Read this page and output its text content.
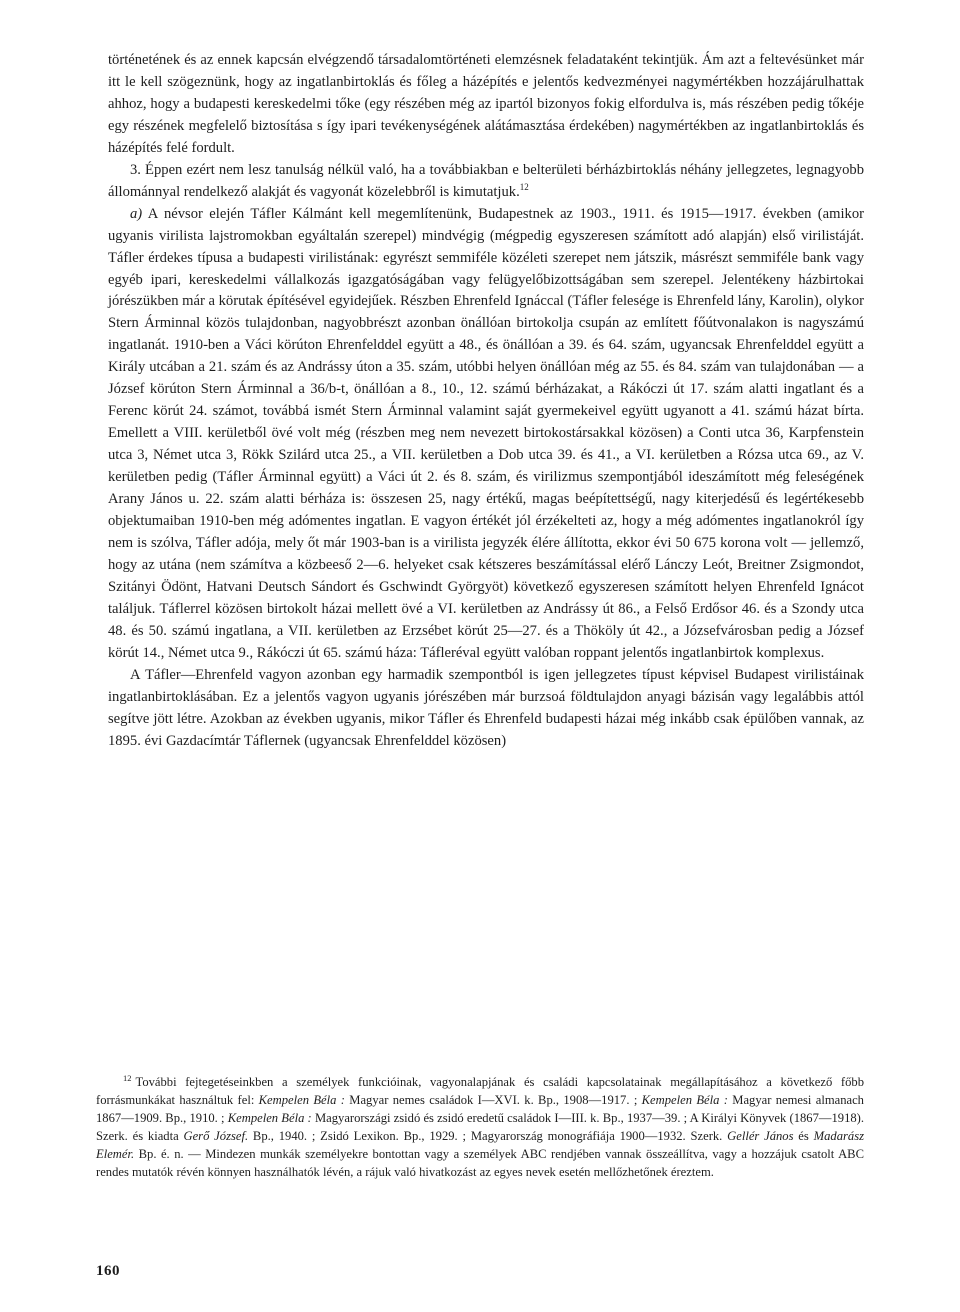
történetének és az ennek kapcsán elvégzendő társadalomtörténeti elemzésnek feladataként tekintjük. Ám azt a feltevésünket már itt le kell szögeznünk, hogy az ingatlanbirtoklás és főleg a házépítés e jelentős kedvezményei nagymértékben hozzájárulhattak ahhoz, hogy a budapesti kereskedelmi tőke (egy részében még az ipartól bizonyos fokig elfordulva is, más részében pedig tőkéje egy részének megfelelő biztosítása s így ipari tevékenységének alátámasztása érdekében) nagymértékben az ingatlanbirtoklás és házépítés felé fordult.

3. Éppen ezért nem lesz tanulság nélkül való, ha a továbbiakban e belterületi bérházbirtoklás néhány jellegzetes, legnagyobb állománnyal rendelkező alakját és vagyonát közelebbről is kimutatjuk.$^{12}$

a) A névsor elején Táfler Kálmánt kell megemlítenünk, Budapestnek az 1903., 1911. és 1915—1917. években (amikor ugyanis virilista lajstromokban egyáltalán szerepel) mindvégig (mégpedig egyszeresen számított adó alapján) első virilistáját. Táfler érdekes típusa a budapesti virilistának: egyrészt semmiféle közéleti szerepet nem játszik, másrészt semmiféle bank vagy egyéb ipari, kereskedelmi vállalkozás igazgatóságában vagy felügyelőbizottságában sem szerepel. Jelentékeny házbirtokai jórészükben már a körutak építésével egyidejűek. Részben Ehrenfeld Ignáccal (Táfler felesége is Ehrenfeld lány, Karolin), olykor Stern Árminnal közös tulajdonban, nagyobbrészt azonban önállóan birtokolja csupán az említett főútvonalakon is nagyszámú ingatlanát. 1910-ben a Váci körúton Ehrenfelddel együtt a 48., és önállóan a 39. és 64. szám, ugyancsak Ehrenfelddel együtt a Király utcában a 21. szám és az Andrássy úton a 35. szám, utóbbi helyen önállóan még az 55. és 84. szám van tulajdonában — a József körúton Stern Árminnal a 36/b-t, önállóan a 8., 10., 12. számú bérházakat, a Rákóczi út 17. szám alatti ingatlant és a Ferenc körút 24. számot, továbbá ismét Stern Árminnal valamint saját gyermekeivel együtt ugyanott a 41. számú házat bírta. Emellett a VIII. kerületből övé volt még (részben meg nem nevezett birtokostársakkal közösen) a Conti utca 36, Karpfenstein utca 3, Német utca 3, Rökk Szilárd utca 25., a VII. kerületben a Dob utca 39. és 41., a VI. kerületben a Rózsa utca 69., az V. kerületben pedig (Táfler Árminnal együtt) a Váci út 2. és 8. szám, és virilizmus szempontjából ideszámított még feleségének Arany János u. 22. szám alatti bérháza is: összesen 25, nagy értékű, magas beépítettségű, nagy kiterjedésű és legértékesebb objektumaiban 1910-ben még adómentes ingatlan. E vagyon értékét jól érzékelteti az, hogy a még adómentes ingatlanokról így nem is szólva, Táfler adója, mely őt már 1903-ban is a virilista jegyzék élére állította, ekkor évi 50 675 korona volt — jellemző, hogy az utána (nem számítva a közbeeső 2—6. helyeket csak kétszeres beszámítással elérő Lánczy Leót, Breitner Zsigmondot, Szitányi Ödönt, Hatvani Deutsch Sándort és Gschwindt Györgyöt) következő egyszeresen számított helyen Ehrenfeld Ignácot találjuk. Táflerrel közösen birtokolt házai mellett övé a VI. kerületben az Andrássy út 86., a Felső Erdősor 46. és a Szondy utca 48. és 50. számú ingatlana, a VII. kerületben az Erzsébet körút 25—27. és a Thököly út 42., a Józsefvárosban pedig a József körút 14., Német utca 9., Rákóczi út 65. számú háza: Táfleréval együtt valóban roppant jelentős ingatlanbirtok komplexus.

A Táfler—Ehrenfeld vagyon azonban egy harmadik szempontból is igen jellegzetes típust képvisel Budapest virilistáinak ingatlanbirtoklásában. Ez a jelentős vagyon ugyanis jórészében már burzsoá földtulajdon anyagi bázisán vagy legalábbis attól segítve jött létre. Azokban az években ugyanis, mikor Táfler és Ehrenfeld budapesti házai még inkább csak épülőben vannak, az 1895. évi Gazdacímtár Táflernek (ugyancsak Ehrenfelddel közösen)

$^{12}$ További fejtegetéseinkben a személyek funkcióinak, vagyonalapjának és családi kapcsolatainak megállapításához a következő főbb forrásmunkákat használtuk fel: Kempelen Béla : Magyar nemes családok I—XVI. k. Bp., 1908—1917. ; Kempelen Béla : Magyar nemesi almanach 1867—1909. Bp., 1910. ; Kempelen Béla : Magyarországi zsidó és zsidó eredetű családok I—III. k. Bp., 1937—39. ; A Királyi Könyvek (1867—1918). Szerk. és kiadta Gerő József. Bp., 1940. ; Zsidó Lexikon. Bp., 1929. ; Magyarország monográfiája 1900—1932. Szerk. Gellér János és Madarász Elemér. Bp. é. n. — Mindezen munkák személyekre bontottan vagy a személyek ABC rendjében vannak összeállítva, vagy a hozzájuk csatolt ABC rendes mutatók révén könnyen használhatók lévén, a rájuk való hivatkozást az egyes nevek esetén mellőzhetőnek éreztem.

160
